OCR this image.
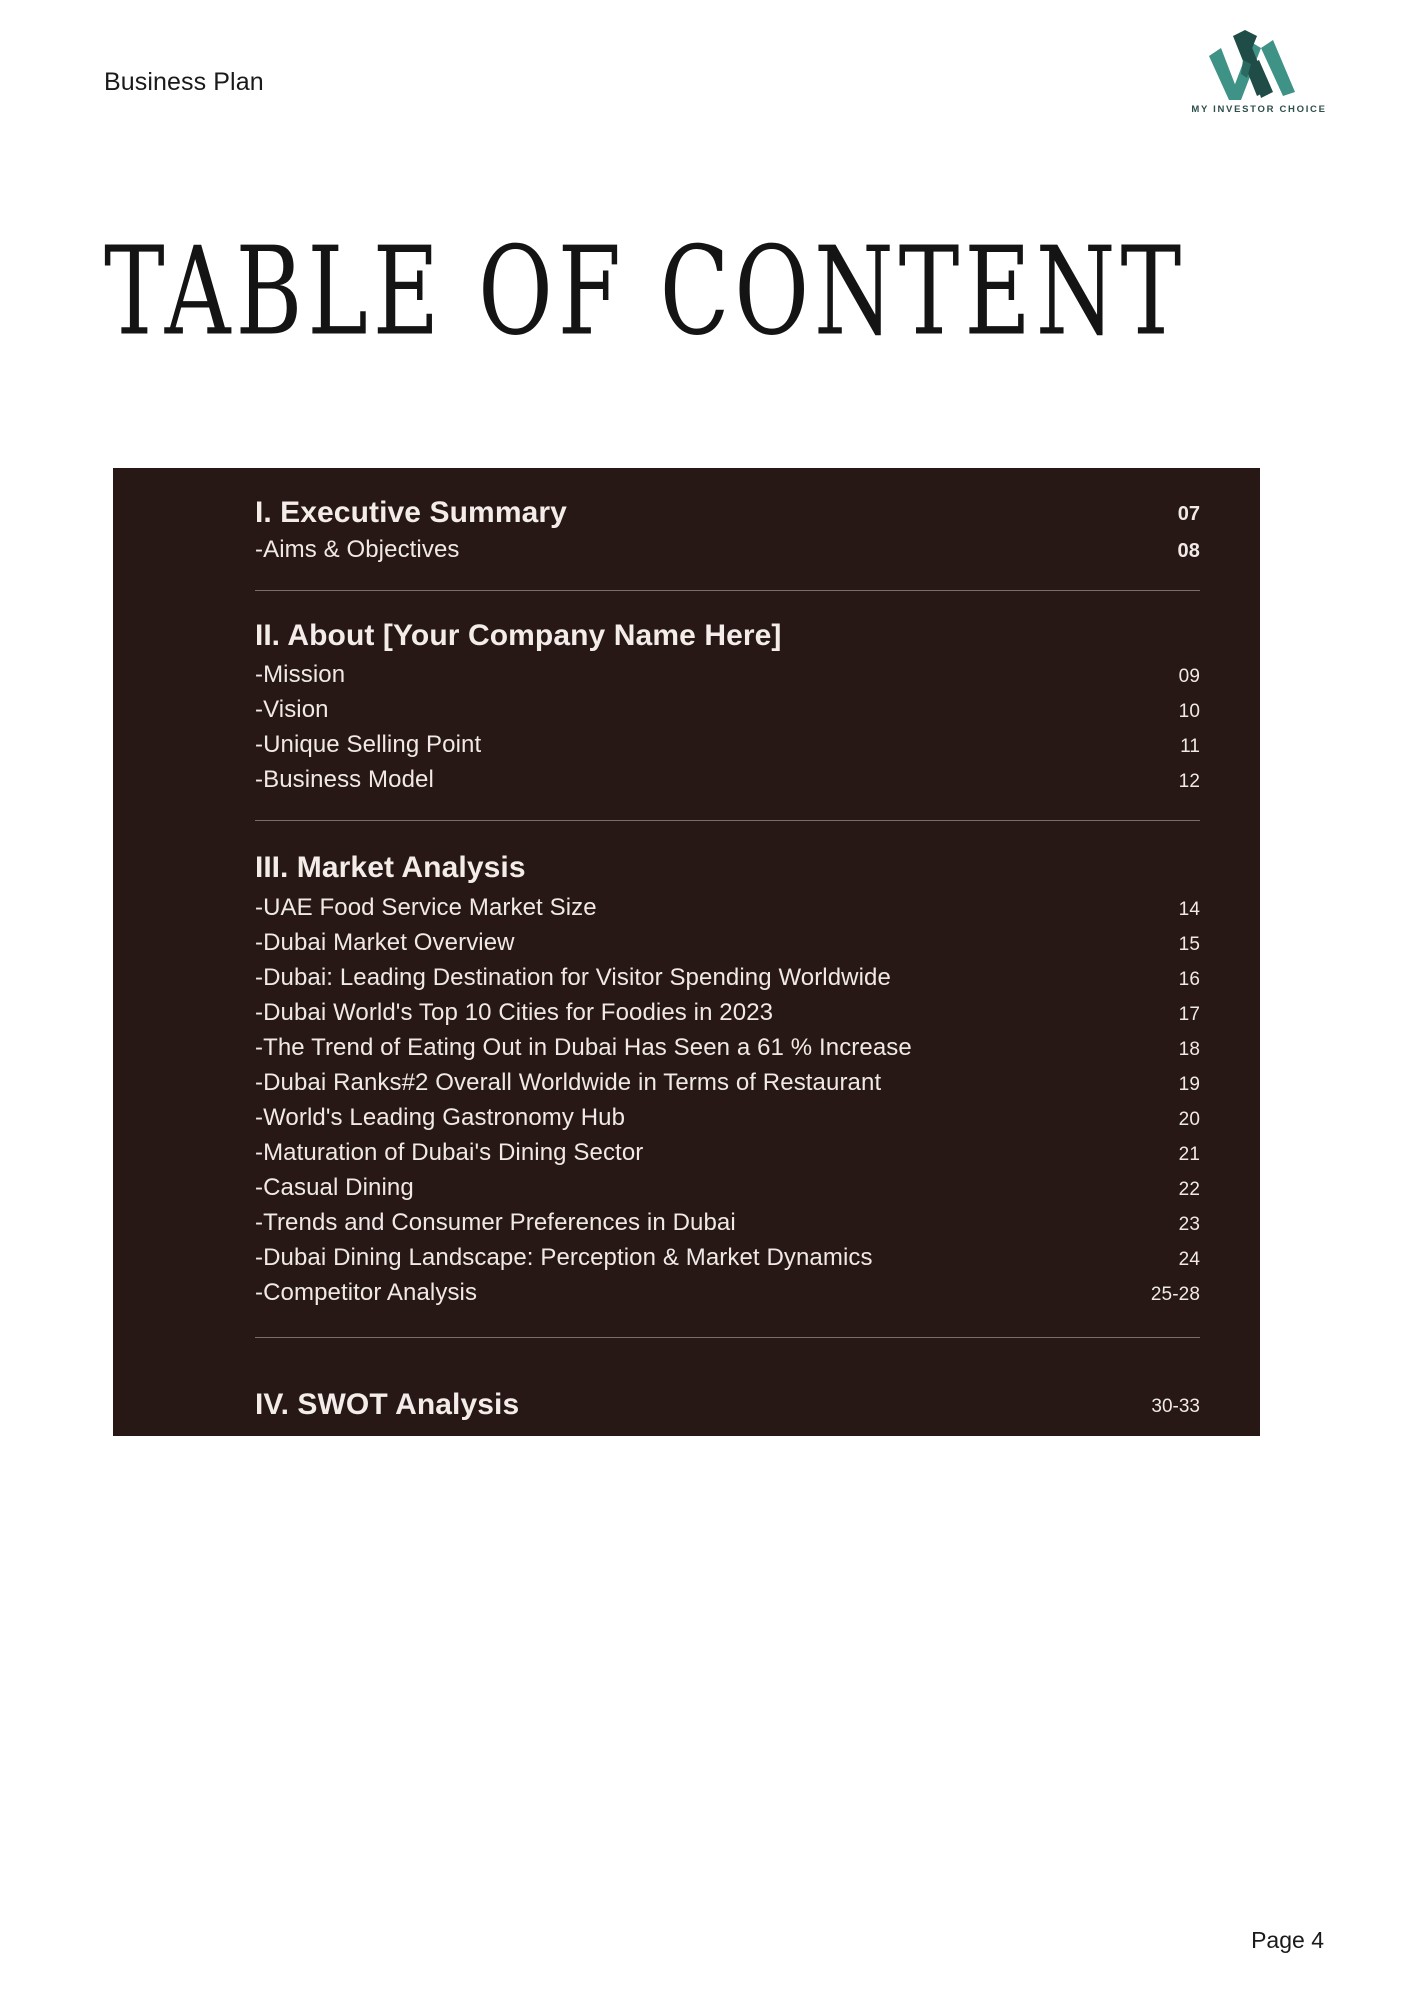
Business Plan
MY INVESTOR CHOICE
TABLE OF CONTENT
I. Executive Summary	07
-Aims & Objectives	08
II. About [Your Company Name Here]
-Mission	09
-Vision	10
-Unique Selling Point	11
-Business Model	12
III. Market Analysis
-UAE Food Service Market Size	14
-Dubai Market Overview	15
-Dubai: Leading Destination for Visitor Spending Worldwide	16
-Dubai World's Top 10 Cities for Foodies in 2023	17
-The Trend of Eating Out in Dubai Has Seen a 61 % Increase	18
-Dubai Ranks#2 Overall Worldwide in Terms of Restaurant	19
-World's Leading Gastronomy Hub	20
-Maturation of Dubai's Dining Sector	21
-Casual Dining	22
-Trends and Consumer Preferences in Dubai	23
-Dubai Dining Landscape: Perception & Market Dynamics	24
-Competitor Analysis	25-28
IV. SWOT Analysis	30-33
Page 4
